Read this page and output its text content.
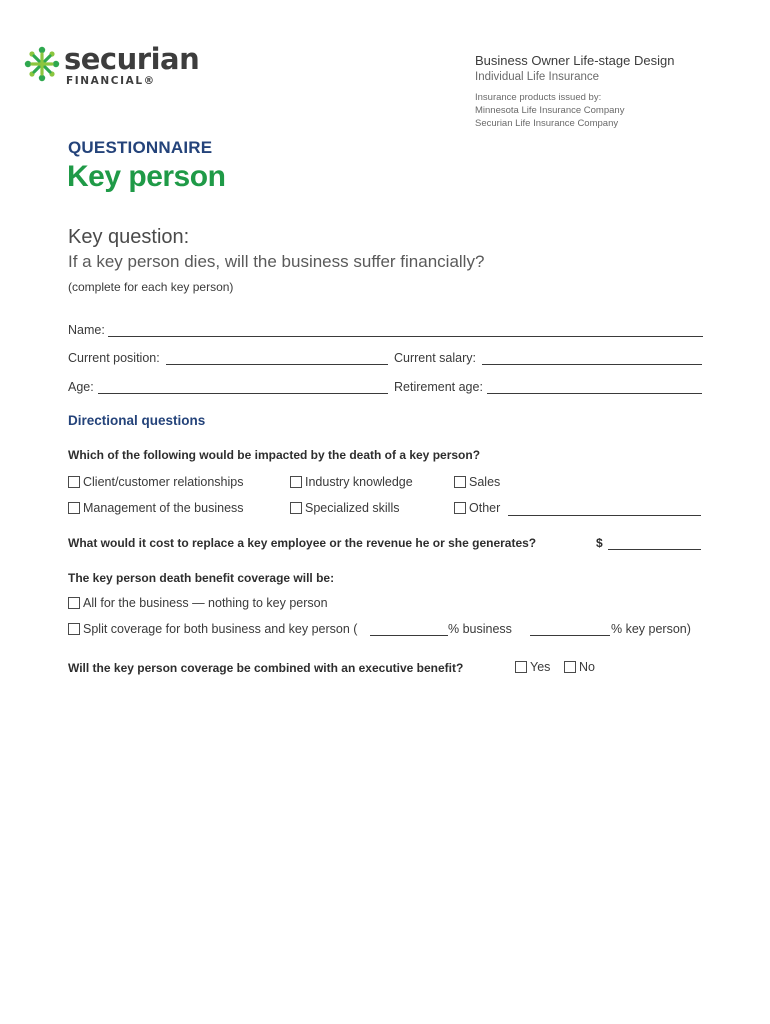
securian
FINANCIAL®
Business Owner Life-stage Design
Individual Life Insurance
Insurance products issued by:
Minnesota Life Insurance Company
Securian Life Insurance Company
QUESTIONNAIRE
Key person
Key question:
If a key person dies, will the business suffer financially?
(complete for each key person)
Name:
Current position:	Current salary:
Age:	Retirement age:
Directional questions
Which of the following would be impacted by the death of a key person?
Client/customer relationships	Industry knowledge	Sales
Management of the business	Specialized skills	Other
What would it cost to replace a key employee or the revenue he or she generates?	$
The key person death benefit coverage will be:
All for the business — nothing to key person
Split coverage for both business and key person (	% business	% key person)
Will the key person coverage be combined with an executive benefit?	Yes No
